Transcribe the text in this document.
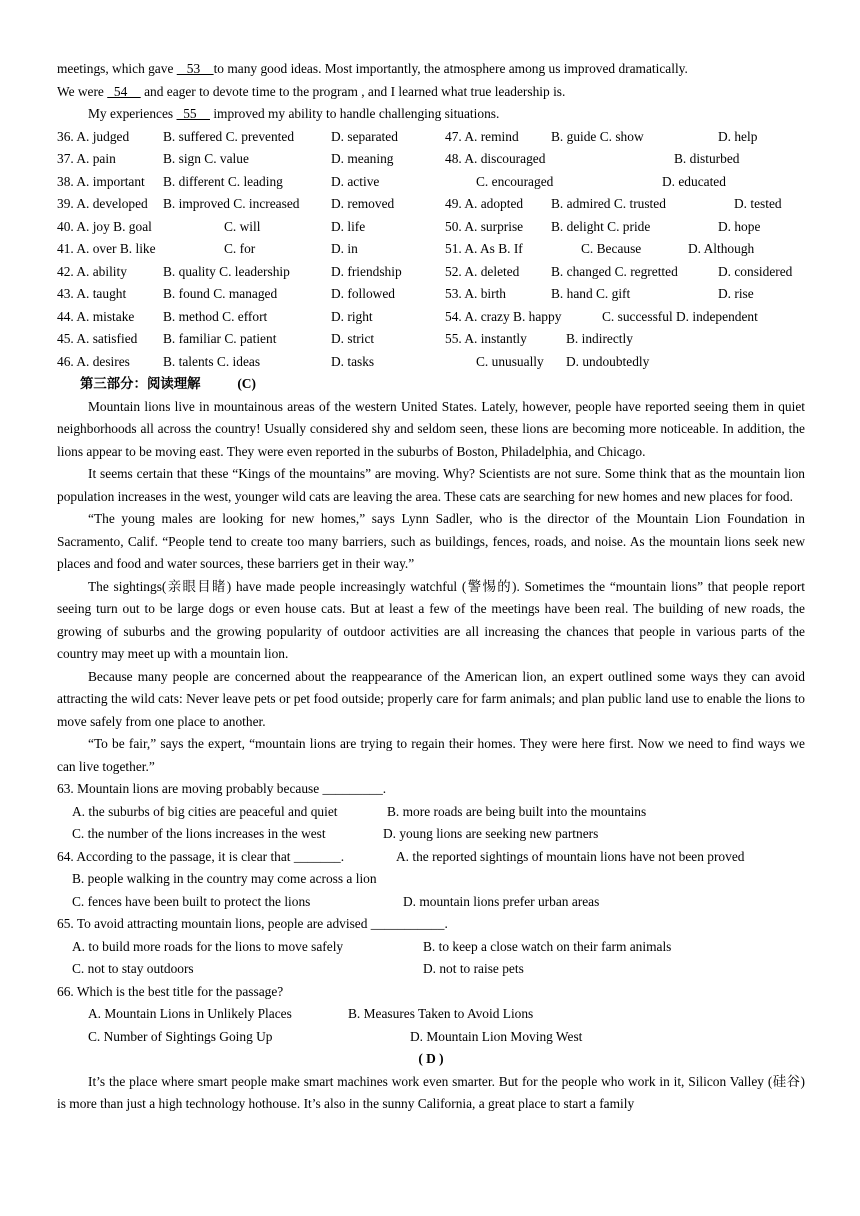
meetings, which gave    53    to many good ideas. Most importantly, the atmosphere among us improved dramatically.

We were   54     and eager to devote time to the program , and I learned what true leadership is.

My experiences   55     improved my ability to handle challenging situations.

36. A. judged	B. suffered C. prevented	D. separated	47. A. remind B. guide C. show	D. help
37. A. pain	B. sign C. value	D. meaning	48. A. discouraged	B. disturbed
38. A. important B. different C. leading	D. active	C. encouraged	D. educated
39. A. developed B. improved C. increased D. removed	49. A. adopted B. admired C. trusted	D. tested
40. A. joy B. goal	C. will	D. life	50. A. surprise B. delight C. pride	D. hope
41. A. over B. like	C. for	D. in	51. A. As B. If	C. Because	D. Although
42. A. ability	B. quality C. leadership	D. friendship	52. A. deleted B. changed C. regretted	D. considered
43. A. taught	B. found C. managed	D. followed	53. A. birth	B. hand C. gift	D. rise
44. A. mistake B. method C. effort	D. right	54. A. crazy B. happy	C. successful D. independent
45. A. satisfied B. familiar C. patient	D. strict	55. A. instantly	B. indirectly
46. A. desires B. talents C. ideas	D. tasks	C. unusually D. undoubtedly
第三部分：阅读理解           (C)

Mountain lions live in mountainous areas of the western United States. Lately, however, people have reported seeing them in quiet neighborhoods all across the country! Usually considered shy and seldom seen, these lions are becoming more noticeable. In addition, the lions appear to be moving east. They were even reported in the suburbs of Boston, Philadelphia, and Chicago.

It seems certain that these “Kings of the mountains” are moving. Why? Scientists are not sure. Some think that as the mountain lion population increases in the west, younger wild cats are leaving the area. These cats are searching for new homes and new places for food.

“The young males are looking for new homes,” says Lynn Sadler, who is the director of the Mountain Lion Foundation in Sacramento, Calif. “People tend to create too many barriers, such as buildings, fences, roads, and noise. As the mountain lions seek new places and food and water sources, these barriers get in their way.”

The sightings(亲眼目睹) have made people increasingly watchful (警惕的). Sometimes the “mountain lions” that people report seeing turn out to be large dogs or even house cats. But at least a few of the meetings have been real. The building of new roads, the growing of suburbs and the growing popularity of outdoor activities are all increasing the chances that people in various parts of the country may meet up with a mountain lion.

Because many people are concerned about the reappearance of the American lion, an expert outlined some ways they can avoid attracting the wild cats: Never leave pets or pet food outside; properly care for farm animals; and plan public land use to enable the lions to move safely from one place to another.

“To be fair,” says the expert, “mountain lions are trying to regain their homes. They were here first. Now we need to find ways we can live together.”

63. Mountain lions are moving probably because _________.

A. the suburbs of big cities are peaceful and quiet	B. more roads are being built into the mountains
C. the number of the lions increases in the west	D. young lions are seeking new partners
64. According to the passage, it is clear that _______.	A. the reported sightings of mountain lions have not been proved
B. people walking in the country may come across a lion
C. fences have been built to protect the lions	D. mountain lions prefer urban areas

65. To avoid attracting mountain lions, people are advised ___________.

A. to build more roads for the lions to move safely	B. to keep a close watch on their farm animals
C. not to stay outdoors	D. not to raise pets

66. Which is the best title for the passage?

A. Mountain Lions in Unlikely Places	B. Measures Taken to Avoid Lions
C. Number of Sightings Going Up	D. Mountain Lion Moving West
( D )

It’s the place where smart people make smart machines work even smarter. But for the people who work in it, Silicon Valley (硅谷) is more than just a high technology hothouse. It’s also in the sunny California, a great place to start a family
